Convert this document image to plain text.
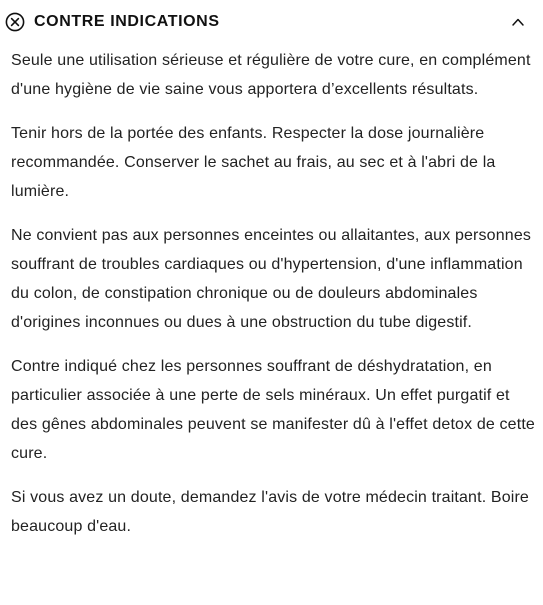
CONTRE INDICATIONS

Seule une utilisation sérieuse et régulière de votre cure, en complément d'une hygiène de vie saine vous apportera d’excellents résultats.

Tenir hors de la portée des enfants. Respecter la dose journalière recommandée. Conserver le sachet au frais, au sec et à l'abri de la lumière.

Ne convient pas aux personnes enceintes ou allaitantes, aux personnes souffrant de troubles cardiaques ou d'hypertension, d'une inflammation du colon, de constipation chronique ou de douleurs abdominales d'origines inconnues ou dues à une obstruction du tube digestif.

Contre indiqué chez les personnes souffrant de déshydratation, en particulier associée à une perte de sels minéraux. Un effet purgatif et des gênes abdominales peuvent se manifester dû à l'effet detox de cette cure.

Si vous avez un doute, demandez l'avis de votre médecin traitant. Boire beaucoup d'eau.
